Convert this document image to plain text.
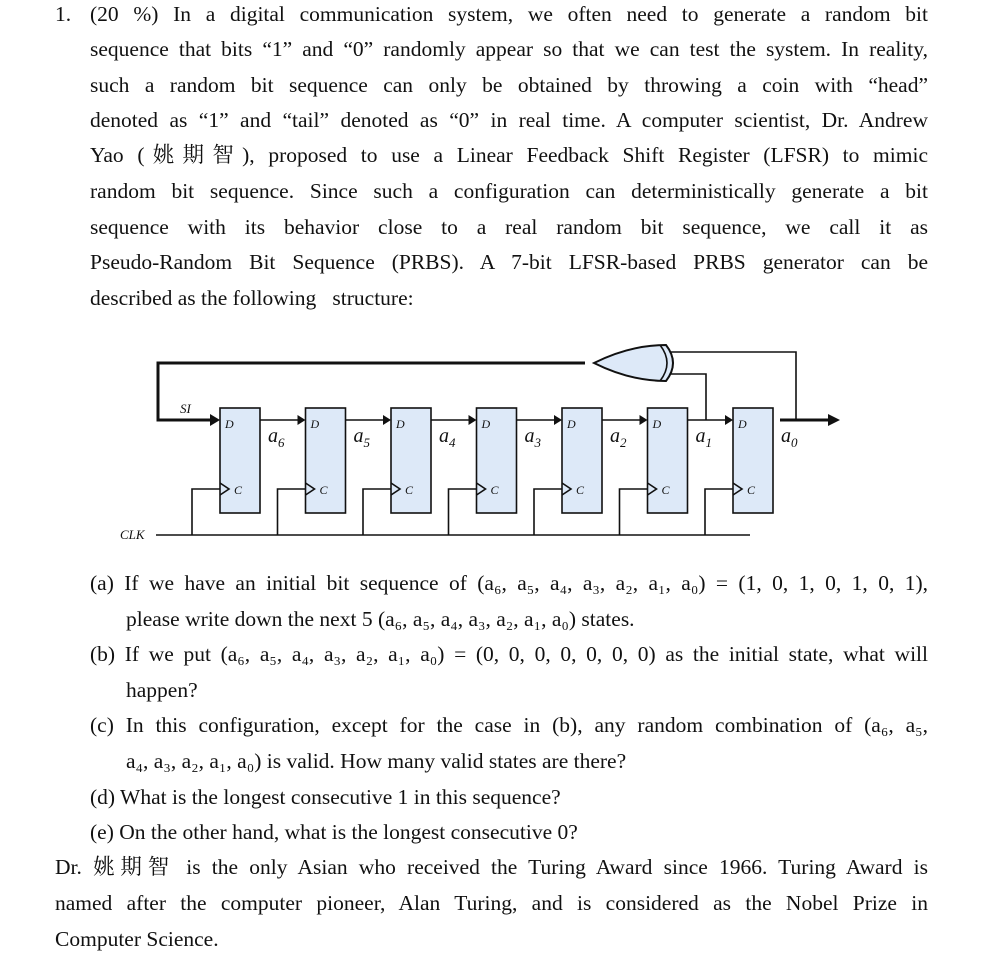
1. (20 %) In a digital communication system, we often need to generate a random bit
sequence that bits “1” and “0” randomly appear so that we can test the system. In reality,
such a random bit sequence can only be obtained by throwing a coin with “head”
denoted as “1” and “tail” denoted as “0” in real time. A computer scientist, Dr. Andrew
Yao (姚期智), proposed to use a Linear Feedback Shift Register (LFSR) to mimic
random bit sequence. Since such a configuration can deterministically generate a bit
sequence with its behavior close to a real random bit sequence, we call it as
Pseudo-Random Bit Sequence (PRBS). A 7-bit LFSR-based PRBS generator can be
described as the following   structure:
SI
CLK
D
C
$a_6$
D
C
$a_5$
D
C
$a_4$
D
C
$a_3$
D
C
$a_2$
D
C
$a_1$
D
C
$a_0$
(a) If we have an initial bit sequence of (a₆, a₅, a₄, a₃, a₂, a₁, a₀) = (1, 0, 1, 0, 1, 0, 1),
please write down the next 5 (a₆, a₅, a₄, a₃, a₂, a₁, a₀) states.
(b) If we put (a₆, a₅, a₄, a₃, a₂, a₁, a₀) = (0, 0, 0, 0, 0, 0, 0) as the initial state, what will
happen?
(c) In this configuration, except for the case in (b), any random combination of (a₆, a₅,
a₄, a₃, a₂, a₁, a₀) is valid. How many valid states are there?
(d) What is the longest consecutive 1 in this sequence?
(e) On the other hand, what is the longest consecutive 0?
Dr. 姚期智 is the only Asian who received the Turing Award since 1966. Turing Award is
named after the computer pioneer, Alan Turing, and is considered as the Nobel Prize in
Computer Science.
